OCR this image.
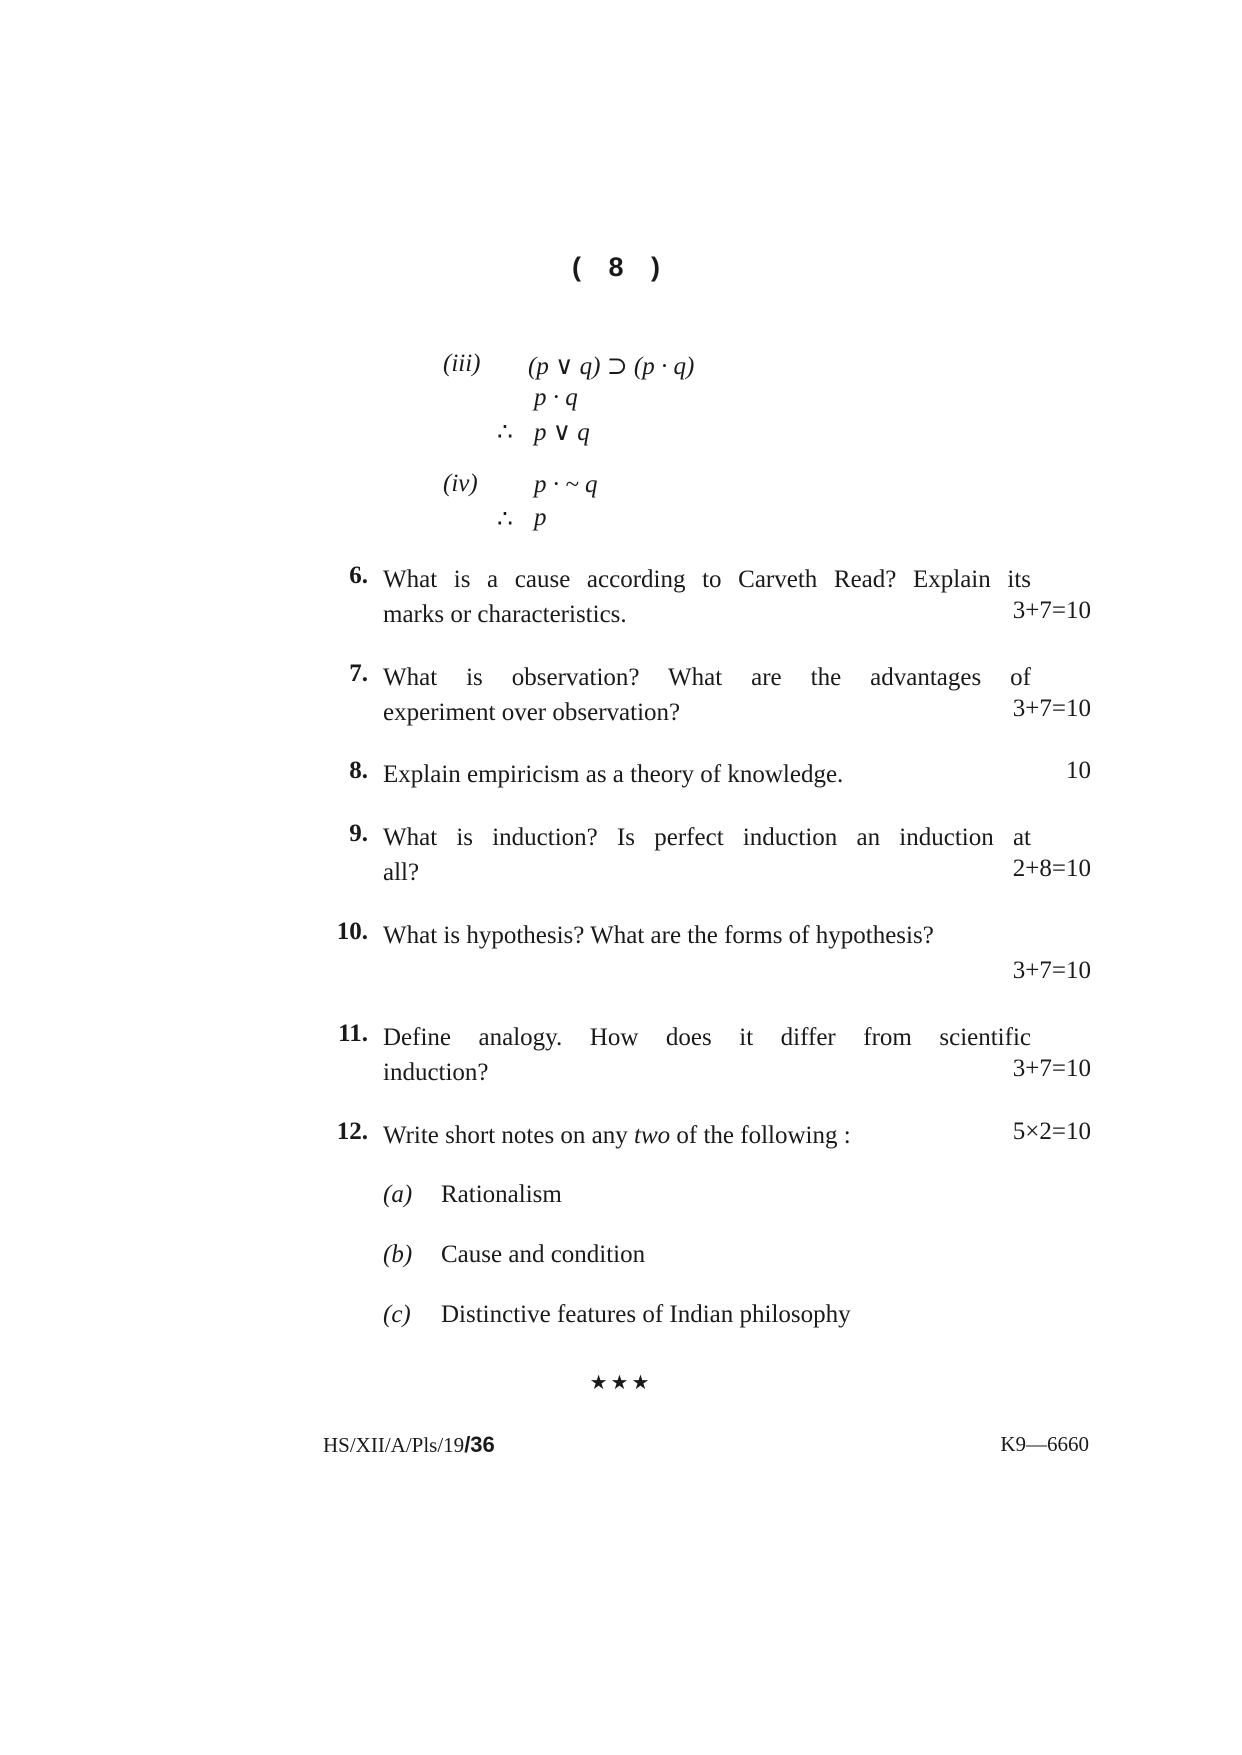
( 8 )
(iii) (p ∨ q) ⊃ (p · q)
p · q
∴ p ∨ q
(iv) p · ~ q
∴ p
6. What is a cause according to Carveth Read? Explain its
marks or characteristics.	3+7=10
7. What is observation? What are the advantages of
experiment over observation?	3+7=10
8. Explain empiricism as a theory of knowledge.	10
9. What is induction? Is perfect induction an induction at
all?	2+8=10
10. What is hypothesis? What are the forms of hypothesis?
3+7=10
11. Define analogy. How does it differ from scientific
induction?	3+7=10
12. Write short notes on any two of the following :	5×2=10
(a) Rationalism
(b) Cause and condition
(c) Distinctive features of Indian philosophy
★★★
HS/XII/A/Pls/19/36	K9—6660
